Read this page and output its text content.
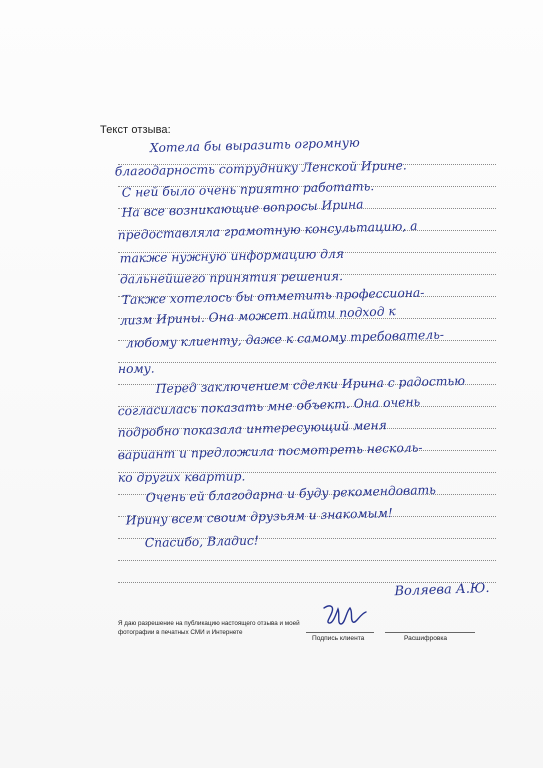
Текст отзыва:
Хотела бы выразить огромную
благодарность сотруднику Ленской Ирине.
С ней было очень приятно работать.
На все возникающие вопросы Ирина
предоставляла грамотную консультацию, а
также нужную информацию для
дальнейшего принятия решения.
Также хотелось бы отметить профессиона-
лизм Ирины. Она может найти подход к
любому клиенту, даже к самому требователь-
ному.
Перед заключением сделки Ирина с радостью
согласилась показать мне объект. Она очень
подробно показала интересующий меня
вариант и предложила посмотреть несколь-
ко других квартир.
Очень ей благодарна и буду рекомендовать
Ирину всем своим друзьям и знакомым!
Спасибо, Владис!
Я даю разрешение на публикацию настоящего отзыва и моей фотографии в печатных СМИ и Интернете
Подпись клиента
Воляева А.Ю.
Расшифровка
